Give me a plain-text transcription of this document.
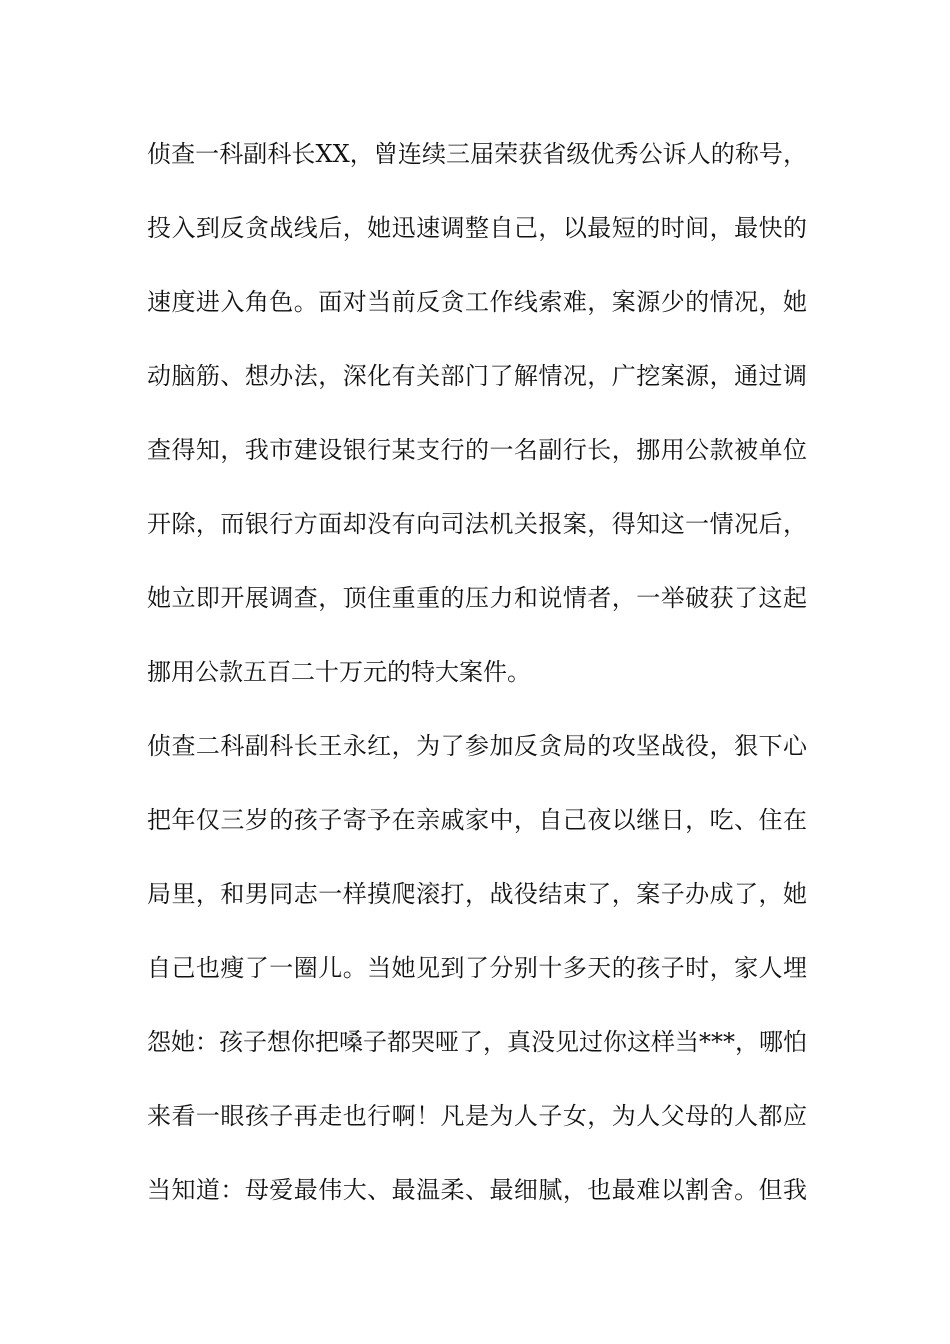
侦查一科副科长XX，曾连续三届荣获省级优秀公诉人的称号，
投入到反贪战线后，她迅速调整自己，以最短的时间，最快的
速度进入角色。面对当前反贪工作线索难，案源少的情况，她
动脑筋、想办法，深化有关部门了解情况，广挖案源，通过调
查得知，我市建设银行某支行的一名副行长，挪用公款被单位
开除，而银行方面却没有向司法机关报案，得知这一情况后，
她立即开展调查，顶住重重的压力和说情者，一举破获了这起
挪用公款五百二十万元的特大案件。
侦查二科副科长王永红，为了参加反贪局的攻坚战役，狠下心
把年仅三岁的孩子寄予在亲戚家中，自己夜以继日，吃、住在
局里，和男同志一样摸爬滚打，战役结束了，案子办成了，她
自己也瘦了一圈儿。当她见到了分别十多天的孩子时，家人埋
怨她：孩子想你把嗓子都哭哑了，真没见过你这样当***，哪怕
来看一眼孩子再走也行啊！凡是为人子女，为人父母的人都应
当知道：母爱最伟大、最温柔、最细腻，也最难以割舍。但我
